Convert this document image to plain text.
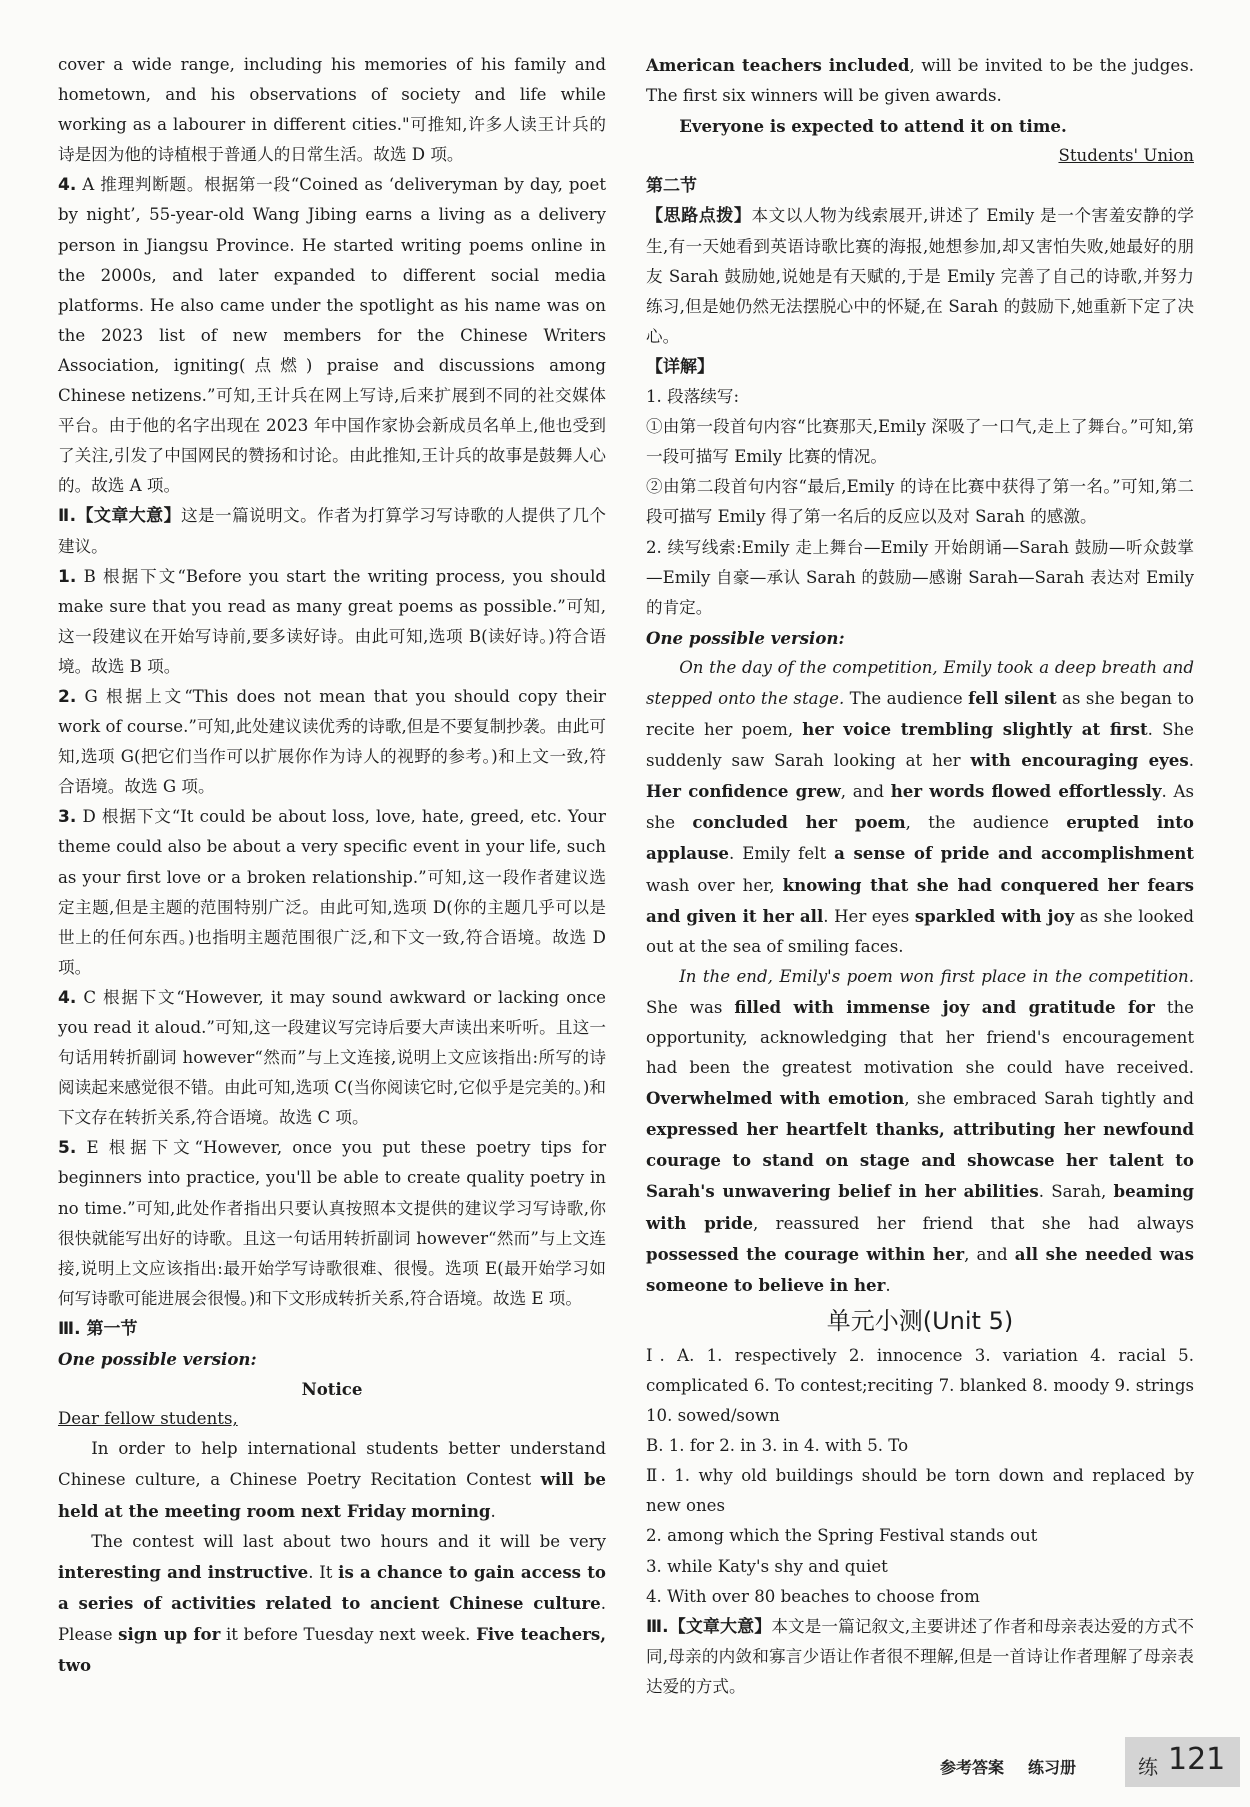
cover a wide range, including his memories of his family and hometown, and his observations of society and life while working as a labourer in different cities."可推知,许多人读王计兵的诗是因为他的诗植根于普通人的日常生活。故选 D 项。

4. A 推理判断题。根据第一段“Coined as ‘deliveryman by day, poet by night’, 55-year-old Wang Jibing earns a living as a delivery person in Jiangsu Province. He started writing poems online in the 2000s, and later expanded to different social media platforms. He also came under the spotlight as his name was on the 2023 list of new members for the Chinese Writers Association, igniting(点燃) praise and discussions among Chinese netizens.”可知,王计兵在网上写诗,后来扩展到不同的社交媒体平台。由于他的名字出现在 2023 年中国作家协会新成员名单上,他也受到了关注,引发了中国网民的赞扬和讨论。由此推知,王计兵的故事是鼓舞人心的。故选 A 项。

Ⅱ.【文章大意】这是一篇说明文。作者为打算学习写诗歌的人提供了几个建议。

1. B 根据下文“Before you start the writing process, you should make sure that you read as many great poems as possible.”可知,这一段建议在开始写诗前,要多读好诗。由此可知,选项 B(读好诗。)符合语境。故选 B 项。

2. G 根据上文“This does not mean that you should copy their work of course.”可知,此处建议读优秀的诗歌,但是不要复制抄袭。由此可知,选项 G(把它们当作可以扩展你作为诗人的视野的参考。)和上文一致,符合语境。故选 G 项。

3. D 根据下文“It could be about loss, love, hate, greed, etc. Your theme could also be about a very specific event in your life, such as your first love or a broken relationship.”可知,这一段作者建议选定主题,但是主题的范围特别广泛。由此可知,选项 D(你的主题几乎可以是世上的任何东西。)也指明主题范围很广泛,和下文一致,符合语境。故选 D 项。

4. C 根据下文“However, it may sound awkward or lacking once you read it aloud.”可知,这一段建议写完诗后要大声读出来听听。且这一句话用转折副词 however“然而”与上文连接,说明上文应该指出:所写的诗阅读起来感觉很不错。由此可知,选项 C(当你阅读它时,它似乎是完美的。)和下文存在转折关系,符合语境。故选 C 项。

5. E 根据下文“However, once you put these poetry tips for beginners into practice, you'll be able to create quality poetry in no time.”可知,此处作者指出只要认真按照本文提供的建议学习写诗歌,你很快就能写出好的诗歌。且这一句话用转折副词 however“然而”与上文连接,说明上文应该指出:最开始学写诗歌很难、很慢。选项 E(最开始学习如何写诗歌可能进展会很慢。)和下文形成转折关系,符合语境。故选 E 项。

Ⅲ. 第一节

One possible version:

Notice

Dear fellow students,

In order to help international students better understand Chinese culture, a Chinese Poetry Recitation Contest will be held at the meeting room next Friday morning.

The contest will last about two hours and it will be very interesting and instructive. It is a chance to gain access to a series of activities related to ancient Chinese culture. Please sign up for it before Tuesday next week. Five teachers, two

American teachers included, will be invited to be the judges. The first six winners will be given awards.

Everyone is expected to attend it on time.

Students' Union

第二节

【思路点拨】本文以人物为线索展开,讲述了 Emily 是一个害羞安静的学生,有一天她看到英语诗歌比赛的海报,她想参加,却又害怕失败,她最好的朋友 Sarah 鼓励她,说她是有天赋的,于是 Emily 完善了自己的诗歌,并努力练习,但是她仍然无法摆脱心中的怀疑,在 Sarah 的鼓励下,她重新下定了决心。

【详解】

1. 段落续写:

①由第一段首句内容“比赛那天,Emily 深吸了一口气,走上了舞台。”可知,第一段可描写 Emily 比赛的情况。

②由第二段首句内容“最后,Emily 的诗在比赛中获得了第一名。”可知,第二段可描写 Emily 得了第一名后的反应以及对 Sarah 的感激。

2. 续写线索:Emily 走上舞台—Emily 开始朗诵—Sarah 鼓励—听众鼓掌—Emily 自豪—承认 Sarah 的鼓励—感谢 Sarah—Sarah 表达对 Emily 的肯定。

One possible version:

On the day of the competition, Emily took a deep breath and stepped onto the stage. The audience fell silent as she began to recite her poem, her voice trembling slightly at first. She suddenly saw Sarah looking at her with encouraging eyes. Her confidence grew, and her words flowed effortlessly. As she concluded her poem, the audience erupted into applause. Emily felt a sense of pride and accomplishment wash over her, knowing that she had conquered her fears and given it her all. Her eyes sparkled with joy as she looked out at the sea of smiling faces.

In the end, Emily's poem won first place in the competition. She was filled with immense joy and gratitude for the opportunity, acknowledging that her friend's encouragement had been the greatest motivation she could have received. Overwhelmed with emotion, she embraced Sarah tightly and expressed her heartfelt thanks, attributing her newfound courage to stand on stage and showcase her talent to Sarah's unwavering belief in her abilities. Sarah, beaming with pride, reassured her friend that she had always possessed the courage within her, and all she needed was someone to believe in her.

单元小测(Unit 5)

Ⅰ. A. 1. respectively 2. innocence 3. variation 4. racial 5. complicated 6. To contest;reciting 7. blanked 8. moody 9. strings 10. sowed/sown

B. 1. for 2. in 3. in 4. with 5. To

Ⅱ. 1. why old buildings should be torn down and replaced by new ones

2. among which the Spring Festival stands out

3. while Katy's shy and quiet

4. With over 80 beaches to choose from

Ⅲ.【文章大意】本文是一篇记叙文,主要讲述了作者和母亲表达爱的方式不同,母亲的内敛和寡言少语让作者很不理解,但是一首诗让作者理解了母亲表达爱的方式。

参考答案 练习册	练 121
